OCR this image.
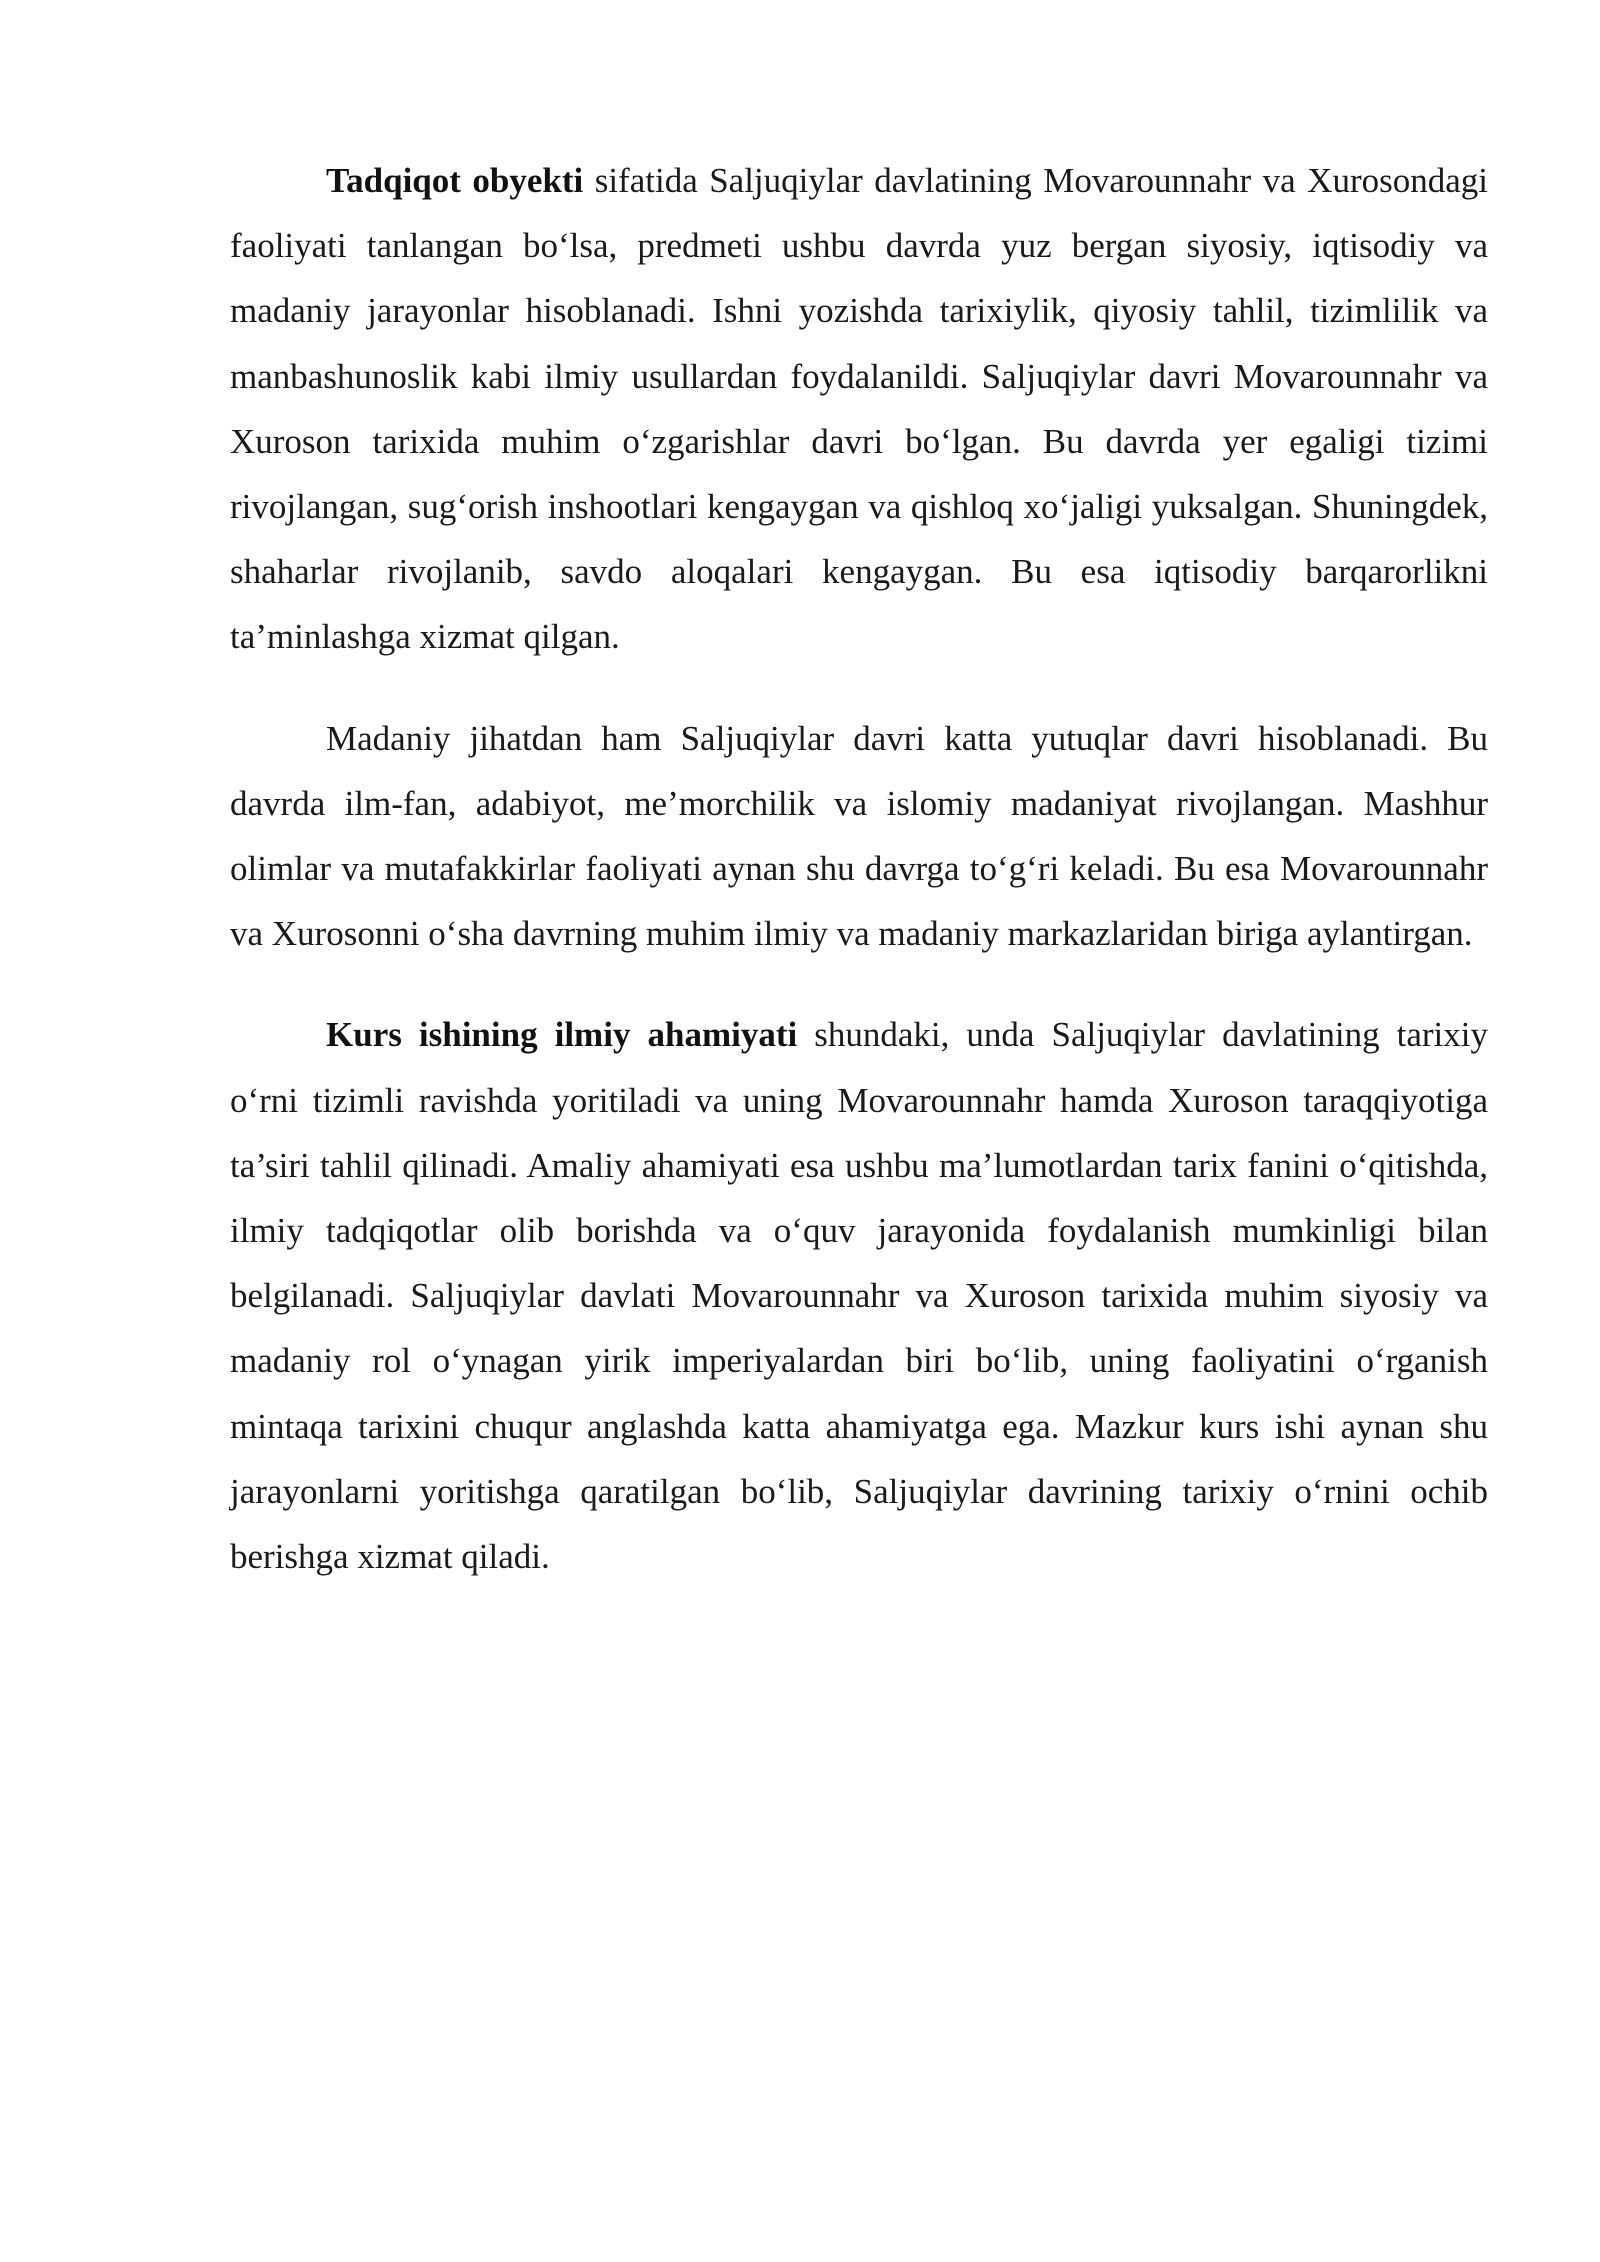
Tadqiqot obyekti sifatida Saljuqiylar davlatining Movarounnahr va Xurosondagi faoliyati tanlangan bo‘lsa, predmeti ushbu davrda yuz bergan siyosiy, iqtisodiy va madaniy jarayonlar hisoblanadi. Ishni yozishda tarixiylik, qiyosiy tahlil, tizimlilik va manbashunoslik kabi ilmiy usullardan foydalanildi. Saljuqiylar davri Movarounnahr va Xuroson tarixida muhim o‘zgarishlar davri bo‘lgan. Bu davrda yer egaligi tizimi rivojlangan, sug‘orish inshootlari kengaygan va qishloq xo‘jaligi yuksalgan. Shuningdek, shaharlar rivojlanib, savdo aloqalari kengaygan. Bu esa iqtisodiy barqarorlikni ta’minlashga xizmat qilgan.

Madaniy jihatdan ham Saljuqiylar davri katta yutuqlar davri hisoblanadi. Bu davrda ilm-fan, adabiyot, me’morchilik va islomiy madaniyat rivojlangan. Mashhur olimlar va mutafakkirlar faoliyati aynan shu davrga to‘g‘ri keladi. Bu esa Movarounnahr va Xurosonni o‘sha davrning muhim ilmiy va madaniy markazlaridan biriga aylantirgan.

Kurs ishining ilmiy ahamiyati shundaki, unda Saljuqiylar davlatining tarixiy o‘rni tizimli ravishda yoritiladi va uning Movarounnahr hamda Xuroson taraqqiyotiga ta’siri tahlil qilinadi. Amaliy ahamiyati esa ushbu ma’lumotlardan tarix fanini o‘qitishda, ilmiy tadqiqotlar olib borishda va o‘quv jarayonida foydalanish mumkinligi bilan belgilanadi. Saljuqiylar davlati Movarounnahr va Xuroson tarixida muhim siyosiy va madaniy rol o‘ynagan yirik imperiyalardan biri bo‘lib, uning faoliyatini o‘rganish mintaqa tarixini chuqur anglashda katta ahamiyatga ega. Mazkur kurs ishi aynan shu jarayonlarni yoritishga qaratilgan bo‘lib, Saljuqiylar davrining tarixiy o‘rnini ochib berishga xizmat qiladi.
